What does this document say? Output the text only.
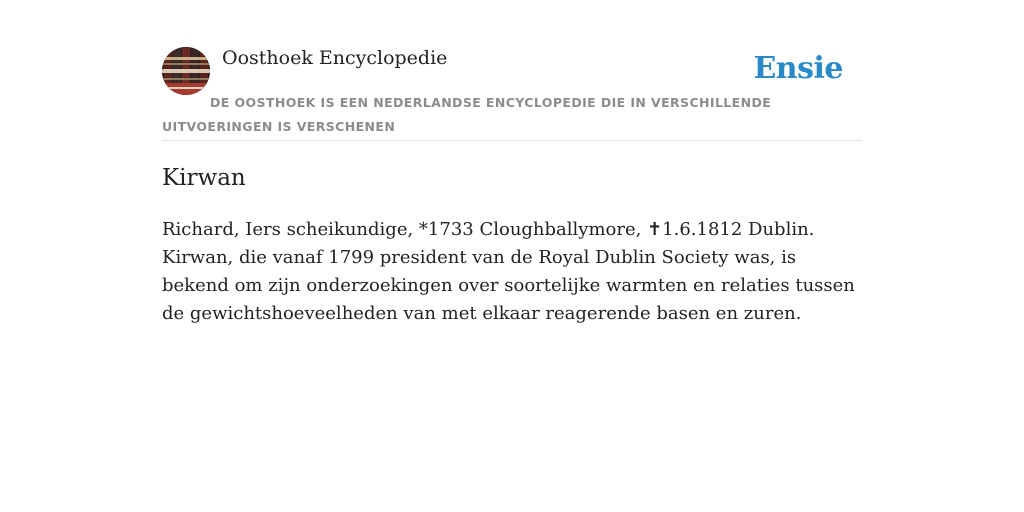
Oosthoek Encyclopedie	Ensie
DE OOSTHOEK IS EEN NEDERLANDSE ENCYCLOPEDIE DIE IN VERSCHILLENDE UITVOERINGEN IS VERSCHENEN
Kirwan

Richard, Iers scheikundige, *1733 Cloughballymore, ✝1.6.1812 Dublin. Kirwan, die vanaf 1799 president van de Royal Dublin Society was, is bekend om zijn onderzoekingen over soortelijke warmten en relaties tussen de gewichtshoeveelheden van met elkaar reagerende basen en zuren.
